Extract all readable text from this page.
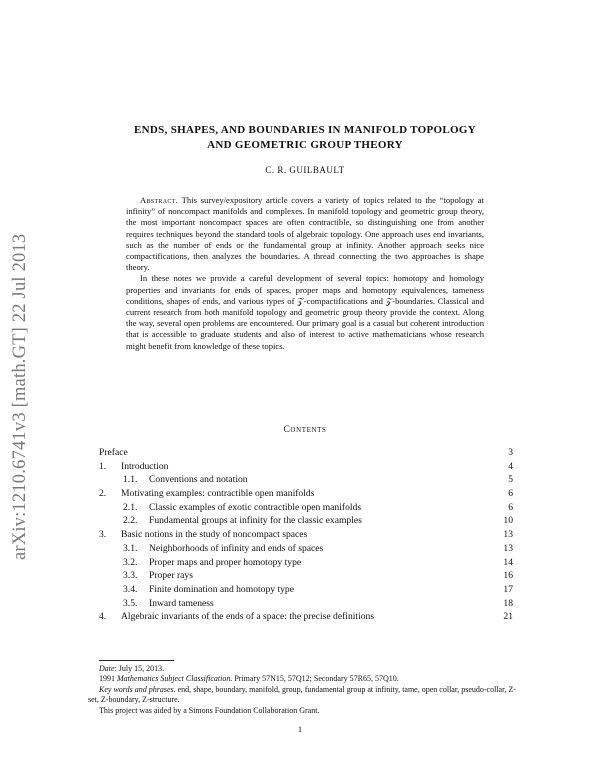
arXiv:1210.6741v3 [math.GT] 22 Jul 2013
ENDS, SHAPES, AND BOUNDARIES IN MANIFOLD TOPOLOGY
AND GEOMETRIC GROUP THEORY
C. R. GUILBAULT

Abstract. This survey/expository article covers a variety of topics related to the “topology at infinity” of noncompact manifolds and complexes. In manifold topology and geometric group theory, the most important noncompact spaces are often contractible, so distinguishing one from another requires techniques beyond the standard tools of algebraic topology. One approach uses end invariants, such as the number of ends or the fundamental group at infinity. Another approach seeks nice compactifications, then analyzes the boundaries. A thread connecting the two approaches is shape theory.

In these notes we provide a careful development of several topics: homotopy and homology properties and invariants for ends of spaces, proper maps and homotopy equivalences, tameness conditions, shapes of ends, and various types of 𝒵-compactifications and 𝒵-boundaries. Classical and current research from both manifold topology and geometric group theory provide the context. Along the way, several open problems are encountered. Our primary goal is a casual but coherent introduction that is accessible to graduate students and also of interest to active mathematicians whose research might benefit from knowledge of these topics.

Contents
Preface	3
1. Introduction	4
1.1. Conventions and notation	5
2. Motivating examples: contractible open manifolds	6
2.1. Classic examples of exotic contractible open manifolds	6
2.2. Fundamental groups at infinity for the classic examples	10
3. Basic notions in the study of noncompact spaces	13
3.1. Neighborhoods of infinity and ends of spaces	13
3.2. Proper maps and proper homotopy type	14
3.3. Proper rays	16
3.4. Finite domination and homotopy type	17
3.5. Inward tameness	18
4. Algebraic invariants of the ends of a space: the precise definitions	21

Date: July 15, 2013.

1991 Mathematics Subject Classification. Primary 57N15, 57Q12; Secondary 57R65, 57Q10.

Key words and phrases. end, shape, boundary, manifold, group, fundamental group at infinity, tame, open collar, pseudo-collar, Z-set, Z-boundary, Z-structure.

This project was aided by a Simons Foundation Collaboration Grant.

1
